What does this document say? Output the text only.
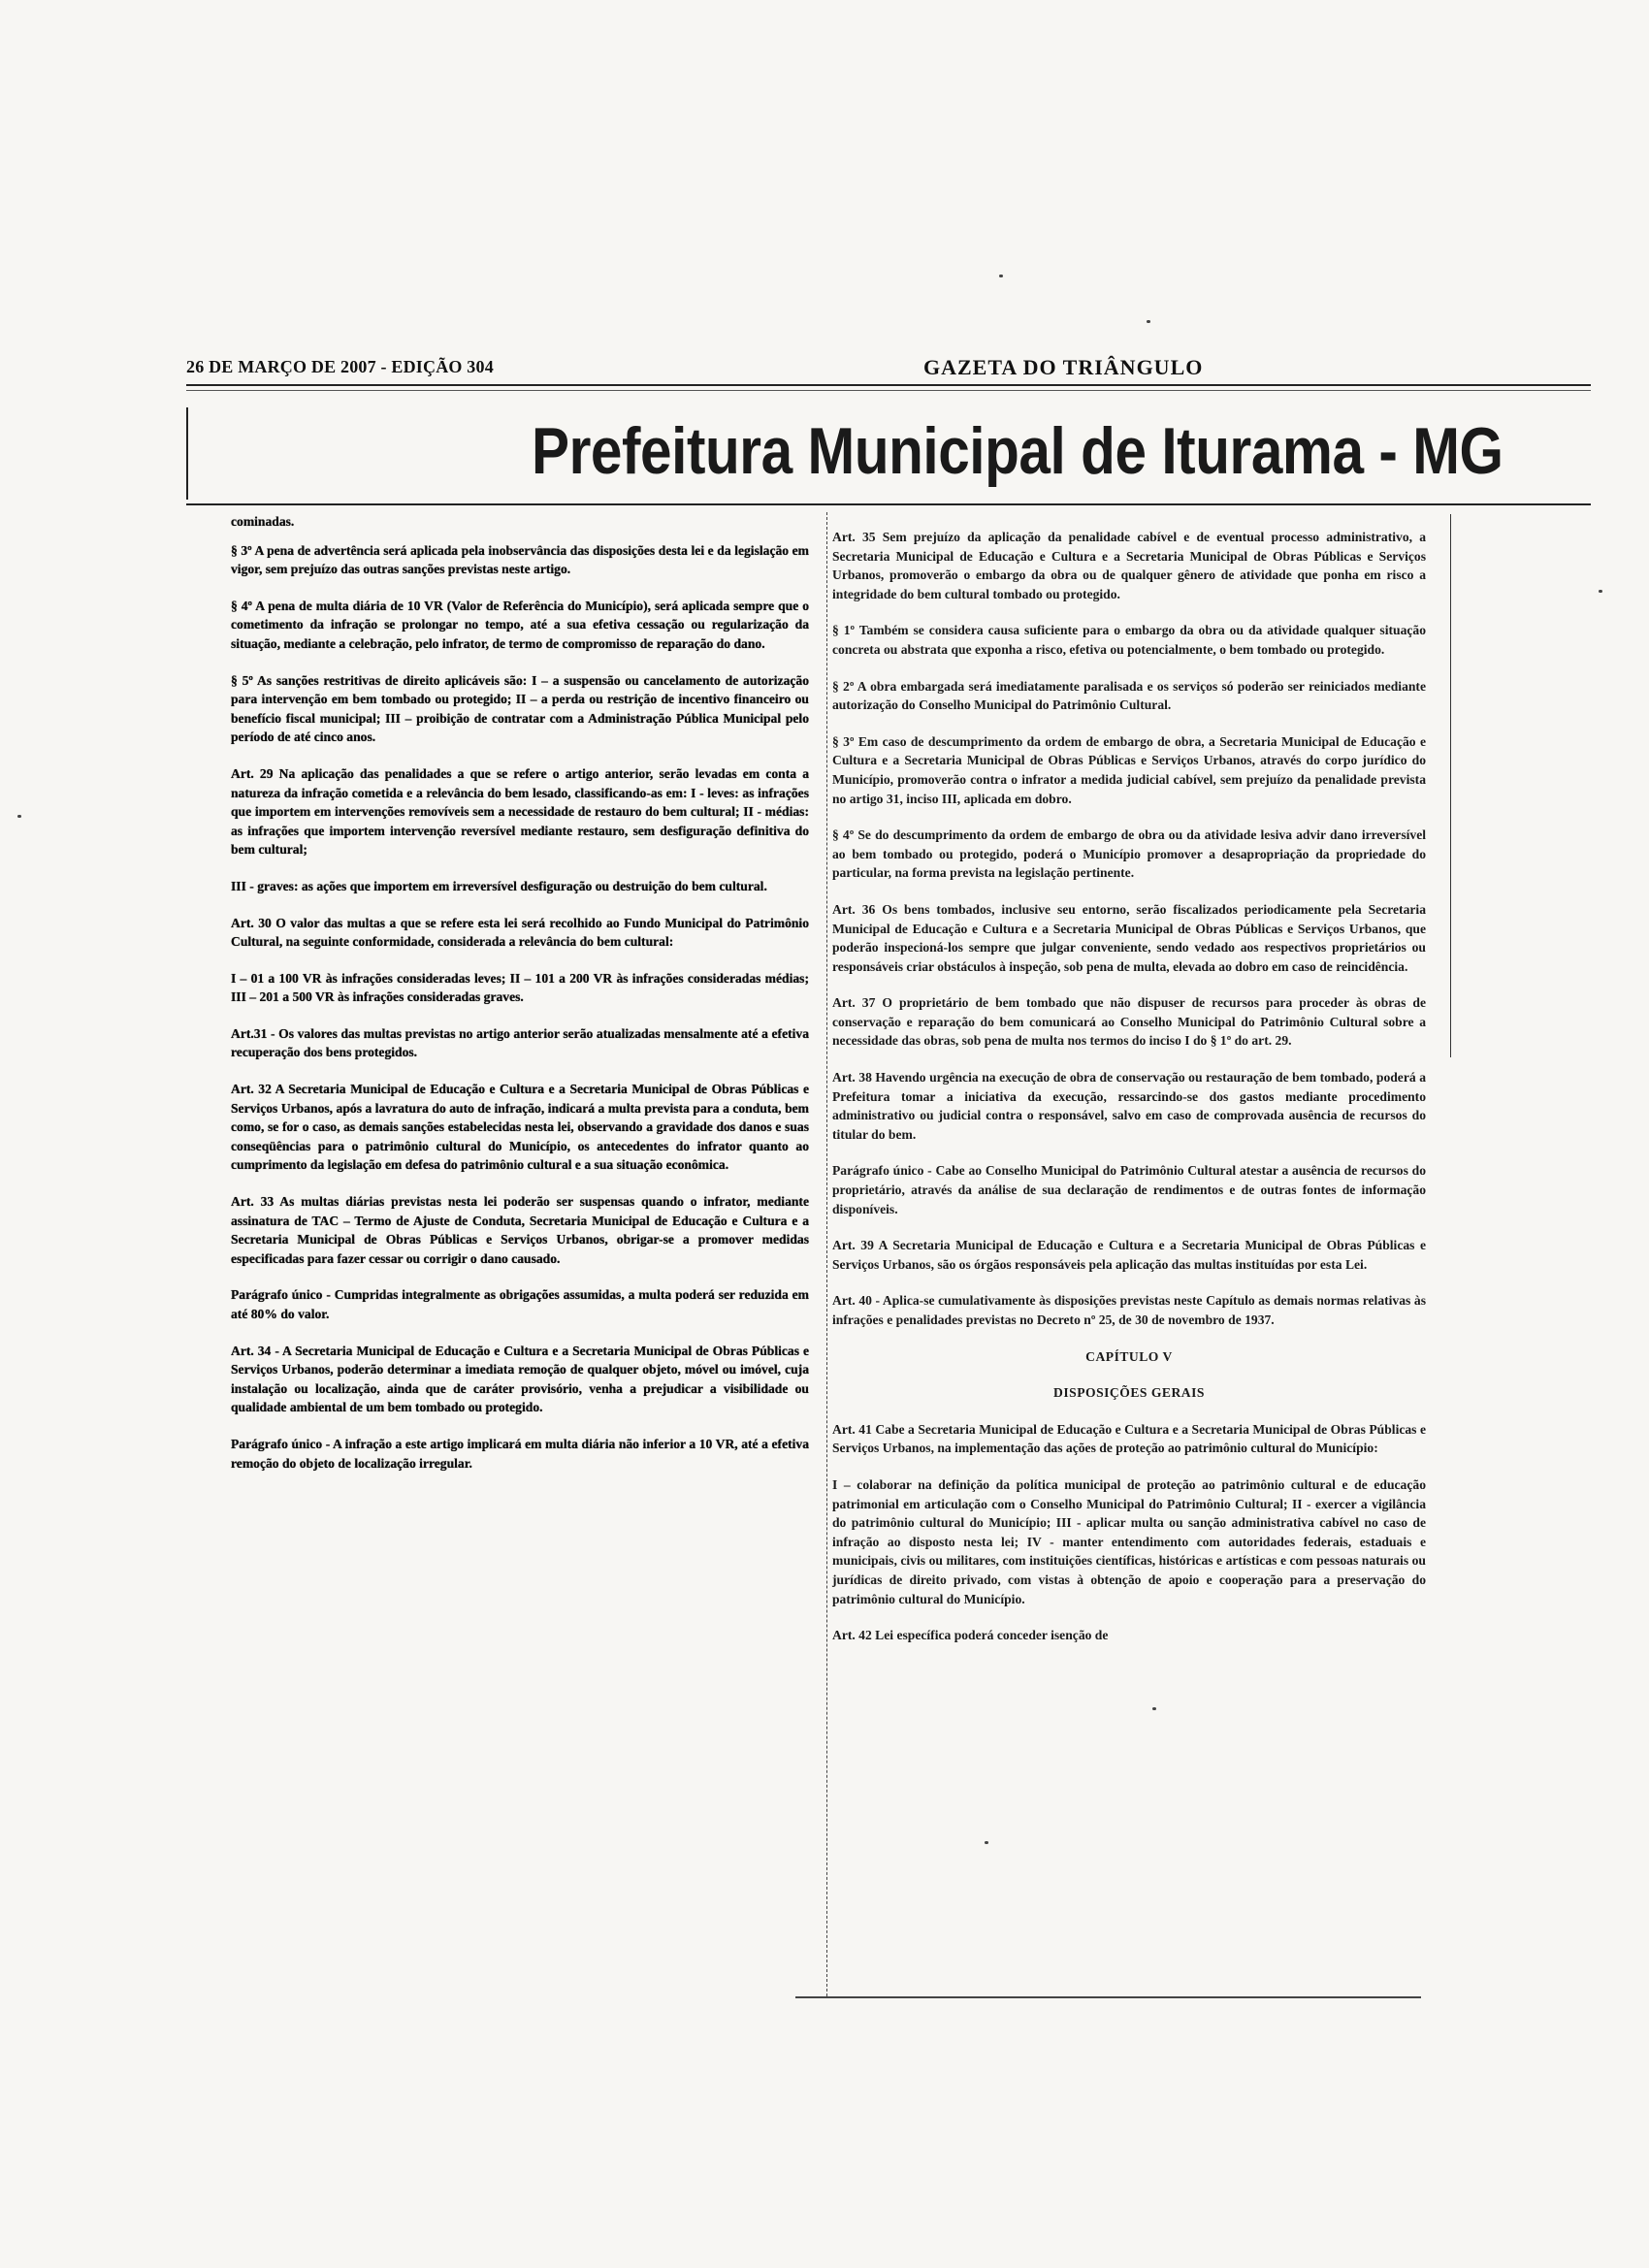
26 DE MARÇO DE 2007 - EDIÇÃO 304	GAZETA DO TRIÂNGULO
Prefeitura Municipal de Iturama - MG

cominadas.

§ 3º A pena de advertência será aplicada pela inobservância das disposições desta lei e da legislação em vigor, sem prejuízo das outras sanções previstas neste artigo.

§ 4º A pena de multa diária de 10 VR (Valor de Referência do Município), será aplicada sempre que o cometimento da infração se prolongar no tempo, até a sua efetiva cessação ou regularização da situação, mediante a celebração, pelo infrator, de termo de compromisso de reparação do dano.

§ 5º As sanções restritivas de direito aplicáveis são: I – a suspensão ou cancelamento de autorização para intervenção em bem tombado ou protegido; II – a perda ou restrição de incentivo financeiro ou benefício fiscal municipal; III – proibição de contratar com a Administração Pública Municipal pelo período de até cinco anos.

Art. 29 Na aplicação das penalidades a que se refere o artigo anterior, serão levadas em conta a natureza da infração cometida e a relevância do bem lesado, classificando-as em: I - leves: as infrações que importem em intervenções removíveis sem a necessidade de restauro do bem cultural; II - médias: as infrações que importem intervenção reversível mediante restauro, sem desfiguração definitiva do bem cultural;

III - graves: as ações que importem em irreversível desfiguração ou destruição do bem cultural.

Art. 30 O valor das multas a que se refere esta lei será recolhido ao Fundo Municipal do Patrimônio Cultural, na seguinte conformidade, considerada a relevância do bem cultural:

I – 01 a 100 VR às infrações consideradas leves; II – 101 a 200 VR às infrações consideradas médias; III – 201 a 500 VR às infrações consideradas graves.

Art.31 - Os valores das multas previstas no artigo anterior serão atualizadas mensalmente até a efetiva recuperação dos bens protegidos.

Art. 32 A Secretaria Municipal de Educação e Cultura e a Secretaria Municipal de Obras Públicas e Serviços Urbanos, após a lavratura do auto de infração, indicará a multa prevista para a conduta, bem como, se for o caso, as demais sanções estabelecidas nesta lei, observando a gravidade dos danos e suas conseqüências para o patrimônio cultural do Município, os antecedentes do infrator quanto ao cumprimento da legislação em defesa do patrimônio cultural e a sua situação econômica.

Art. 33 As multas diárias previstas nesta lei poderão ser suspensas quando o infrator, mediante assinatura de TAC – Termo de Ajuste de Conduta, Secretaria Municipal de Educação e Cultura e a Secretaria Municipal de Obras Públicas e Serviços Urbanos, obrigar-se a promover medidas especificadas para fazer cessar ou corrigir o dano causado.

Parágrafo único - Cumpridas integralmente as obrigações assumidas, a multa poderá ser reduzida em até 80% do valor.

Art. 34 - A Secretaria Municipal de Educação e Cultura e a Secretaria Municipal de Obras Públicas e Serviços Urbanos, poderão determinar a imediata remoção de qualquer objeto, móvel ou imóvel, cuja instalação ou localização, ainda que de caráter provisório, venha a prejudicar a visibilidade ou qualidade ambiental de um bem tombado ou protegido.

Parágrafo único - A infração a este artigo implicará em multa diária não inferior a 10 VR, até a efetiva remoção do objeto de localização irregular.

Art. 35 Sem prejuízo da aplicação da penalidade cabível e de eventual processo administrativo, a Secretaria Municipal de Educação e Cultura e a Secretaria Municipal de Obras Públicas e Serviços Urbanos, promoverão o embargo da obra ou de qualquer gênero de atividade que ponha em risco a integridade do bem cultural tombado ou protegido.

§ 1º Também se considera causa suficiente para o embargo da obra ou da atividade qualquer situação concreta ou abstrata que exponha a risco, efetiva ou potencialmente, o bem tombado ou protegido.

§ 2º A obra embargada será imediatamente paralisada e os serviços só poderão ser reiniciados mediante autorização do Conselho Municipal do Patrimônio Cultural.

§ 3º Em caso de descumprimento da ordem de embargo de obra, a Secretaria Municipal de Educação e Cultura e a Secretaria Municipal de Obras Públicas e Serviços Urbanos, através do corpo jurídico do Município, promoverão contra o infrator a medida judicial cabível, sem prejuízo da penalidade prevista no artigo 31, inciso III, aplicada em dobro.

§ 4º Se do descumprimento da ordem de embargo de obra ou da atividade lesiva advir dano irreversível ao bem tombado ou protegido, poderá o Município promover a desapropriação da propriedade do particular, na forma prevista na legislação pertinente.

Art. 36 Os bens tombados, inclusive seu entorno, serão fiscalizados periodicamente pela Secretaria Municipal de Educação e Cultura e a Secretaria Municipal de Obras Públicas e Serviços Urbanos, que poderão inspecioná-los sempre que julgar conveniente, sendo vedado aos respectivos proprietários ou responsáveis criar obstáculos à inspeção, sob pena de multa, elevada ao dobro em caso de reincidência.

Art. 37 O proprietário de bem tombado que não dispuser de recursos para proceder às obras de conservação e reparação do bem comunicará ao Conselho Municipal do Patrimônio Cultural sobre a necessidade das obras, sob pena de multa nos termos do inciso I do § 1º do art. 29.

Art. 38 Havendo urgência na execução de obra de conservação ou restauração de bem tombado, poderá a Prefeitura tomar a iniciativa da execução, ressarcindo-se dos gastos mediante procedimento administrativo ou judicial contra o responsável, salvo em caso de comprovada ausência de recursos do titular do bem.

Parágrafo único - Cabe ao Conselho Municipal do Patrimônio Cultural atestar a ausência de recursos do proprietário, através da análise de sua declaração de rendimentos e de outras fontes de informação disponíveis.

Art. 39 A Secretaria Municipal de Educação e Cultura e a Secretaria Municipal de Obras Públicas e Serviços Urbanos, são os órgãos responsáveis pela aplicação das multas instituídas por esta Lei.

Art. 40 - Aplica-se cumulativamente às disposições previstas neste Capítulo as demais normas relativas às infrações e penalidades previstas no Decreto nº 25, de 30 de novembro de 1937.

CAPÍTULO V

DISPOSIÇÕES GERAIS

Art. 41 Cabe a Secretaria Municipal de Educação e Cultura e a Secretaria Municipal de Obras Públicas e Serviços Urbanos, na implementação das ações de proteção ao patrimônio cultural do Município:

I – colaborar na definição da política municipal de proteção ao patrimônio cultural e de educação patrimonial em articulação com o Conselho Municipal do Patrimônio Cultural; II - exercer a vigilância do patrimônio cultural do Município; III - aplicar multa ou sanção administrativa cabível no caso de infração ao disposto nesta lei; IV - manter entendimento com autoridades federais, estaduais e municipais, civis ou militares, com instituições científicas, históricas e artísticas e com pessoas naturais ou jurídicas de direito privado, com vistas à obtenção de apoio e cooperação para a preservação do patrimônio cultural do Município.

Art. 42 Lei específica poderá conceder isenção de
